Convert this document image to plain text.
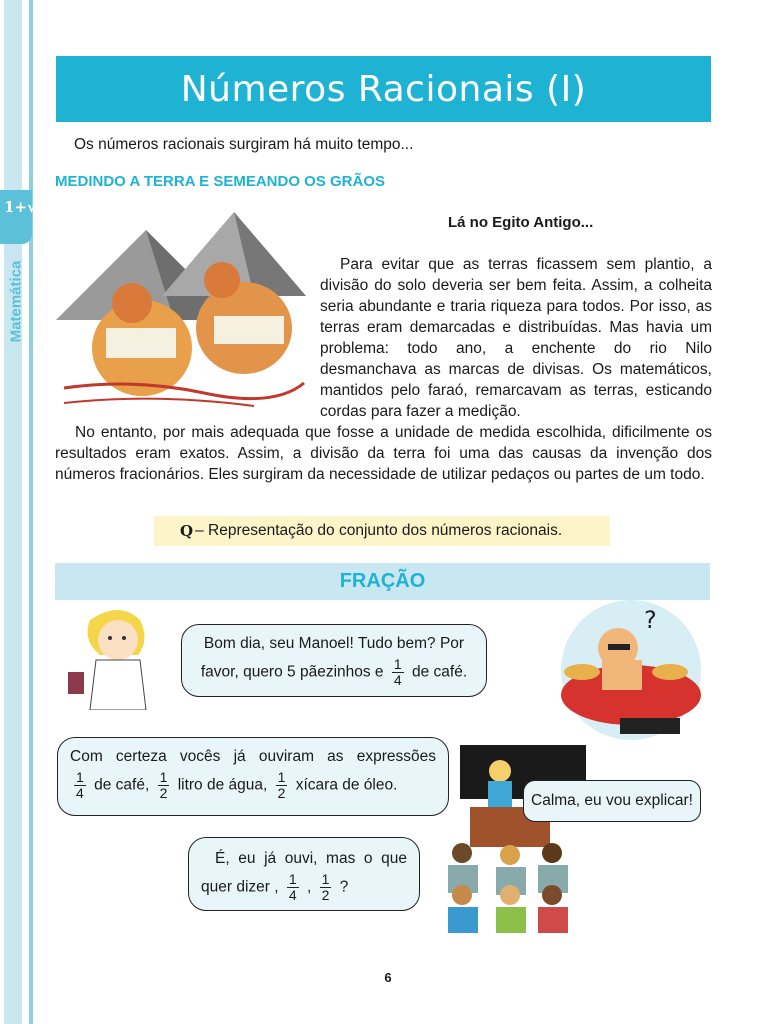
1+√3
Matemática
Números Racionais (I)
Os números racionais surgiram há muito tempo...
MEDINDO A TERRA E SEMEANDO OS GRÃOS
Lá no Egito Antigo...

Para evitar que as terras ficassem sem plantio, a divisão do solo deveria ser bem feita. Assim, a colheita seria abundante e traria riqueza para todos. Por isso, as terras eram demarcadas e distribuídas. Mas havia um problema: todo ano, a enchente do rio Nilo desmanchava as marcas de divisas. Os matemáticos, mantidos pelo faraó, remarcavam as terras, esticando cordas para fazer a medição.

No entanto, por mais adequada que fosse a unidade de medida escolhida, dificilmente os resultados eram exatos. Assim, a divisão da terra foi uma das causas da invenção dos números fracionários. Eles surgiram da necessidade de utilizar pedaços ou partes de um todo.

Q – Representação do conjunto dos números racionais.
FRAÇÃO
Bom dia, seu Manoel! Tudo bem? Por
favor, quero 5 pãezinhos e $\frac{1}{4}$ de café.
?
Com certeza vocês já ouviram as expressões
$\frac{1}{4}$ de café, $\frac{1}{2}$ litro de água, $\frac{1}{2}$ xícara de óleo.
Calma, eu vou explicar!
É, eu já ouvi, mas o que
quer dizer , $\frac{1}{4}$ , $\frac{1}{2}$ ?
6
